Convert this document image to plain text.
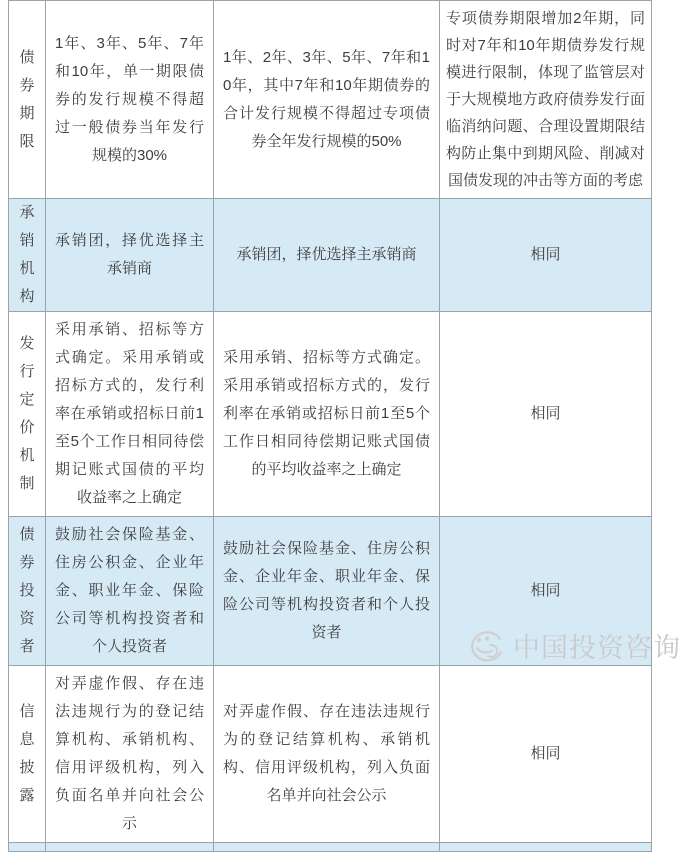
债券期限	1年、3年、5年、7年和10年，单一期限债券的发行规模不得超过一般债券当年发行规模的30%	1年、2年、3年、5年、7年和10年，其中7年和10年期债券的合计发行规模不得超过专项债券全年发行规模的50%	专项债券期限增加2年期，同时对7年和10年期债券发行规模进行限制，体现了监管层对于大规模地方政府债券发行面临消纳问题、合理设置期限结构防止集中到期风险、削减对国债发现的冲击等方面的考虑

承销机构	承销团，择优选择主承销商	承销团，择优选择主承销商	相同

发行定价机制	采用承销、招标等方式确定。采用承销或招标方式的，发行利率在承销或招标日前1至5个工作日相同待偿期记账式国债的平均收益率之上确定	采用承销、招标等方式确定。采用承销或招标方式的，发行利率在承销或招标日前1至5个工作日相同待偿期记账式国债的平均收益率之上确定	相同

债券投资者	鼓励社会保险基金、住房公积金、企业年金、职业年金、保险公司等机构投资者和个人投资者	鼓励社会保险基金、住房公积金、企业年金、职业年金、保险公司等机构投资者和个人投资者	相同

信息披露	对弄虚作假、存在违法违规行为的登记结算机构、承销机构、信用评级机构，列入负面名单并向社会公示	对弄虚作假、存在违法违规行为的登记结算机构、承销机构、信用评级机构，列入负面名单并向社会公示	相同

中国投资咨询
